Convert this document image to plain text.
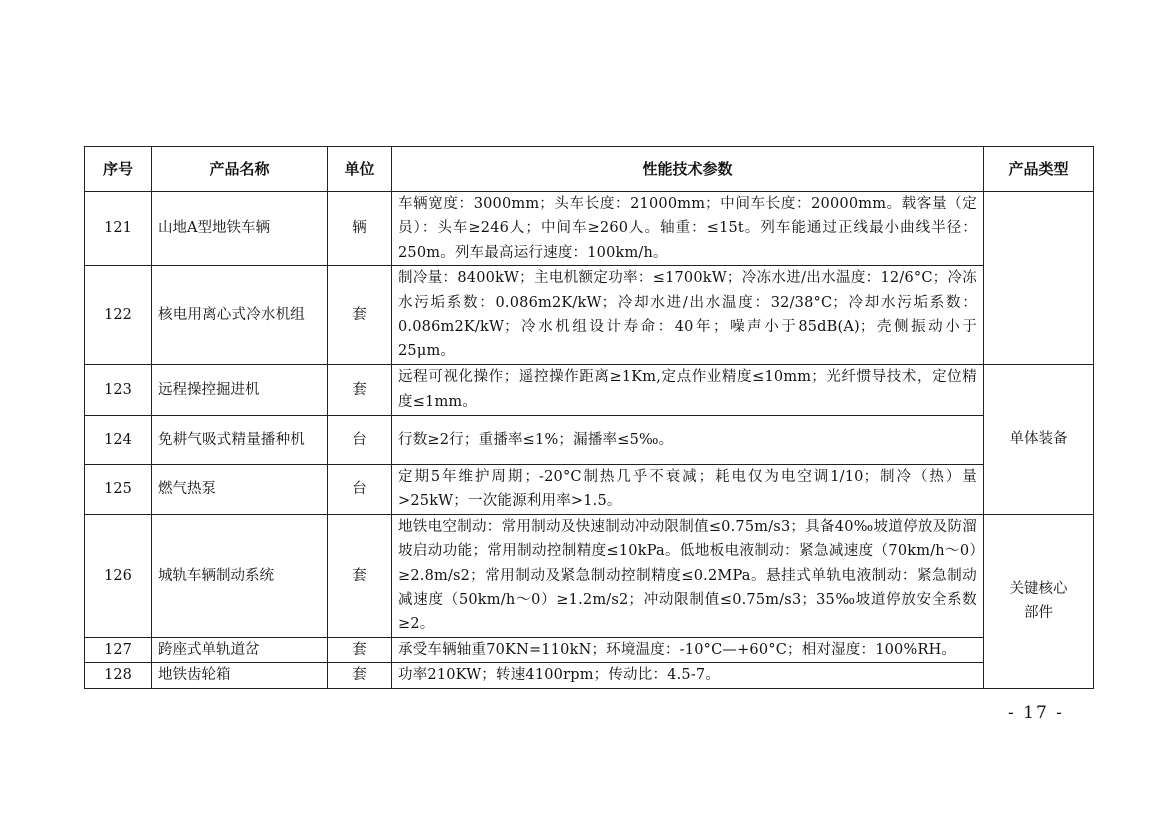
序号	产品名称	单位	性能技术参数	产品类型
121	山地A型地铁车辆	辆	车辆宽度：3000mm；头车长度：21000mm；中间车长度：20000mm。载客量（定员）：头车≥246人；中间车≥260人。轴重：≤15t。列车能通过正线最小曲线半径：250m。列车最高运行速度：100km/h。	
122	核电用离心式冷水机组	套	制冷量：8400kW；主电机额定功率：≤1700kW；冷冻水进/出水温度：12/6°C；冷冻水污垢系数：0.086m2K/kW；冷却水进/出水温度：32/38°C；冷却水污垢系数：0.086m2K/kW；冷水机组设计寿命：40年；噪声小于85dB(A)；壳侧振动小于25μm。	
123	远程操控掘进机	套	远程可视化操作；遥控操作距离≥1Km,定点作业精度≤10mm；光纤惯导技术，定位精度≤1mm。	单体装备
124	免耕气吸式精量播种机	台	行数≥2行；重播率≤1%；漏播率≤5‰。	
125	燃气热泵	台	定期5年维护周期；-20°C制热几乎不衰减；耗电仅为电空调1/10；制冷（热）量>25kW；一次能源利用率>1.5。	
126	城轨车辆制动系统	套	地铁电空制动：常用制动及快速制动冲动限制值≤0.75m/s3；具备40‰坡道停放及防溜坡启动功能；常用制动控制精度≤10kPa。低地板电液制动：紧急减速度（70km/h～0）≥2.8m/s2；常用制动及紧急制动控制精度≤0.2MPa。悬挂式单轨电液制动：紧急制动减速度（50km/h～0）≥1.2m/s2；冲动限制值≤0.75m/s3；35‰坡道停放安全系数≥2。	关键核心部件
127	跨座式单轨道岔	套	承受车辆轴重70KN=110kN；环境温度：-10°C—+60°C；相对湿度：100%RH。	
128	地铁齿轮箱	套	功率210KW；转速4100rpm；传动比：4.5-7。	
- 17 -
